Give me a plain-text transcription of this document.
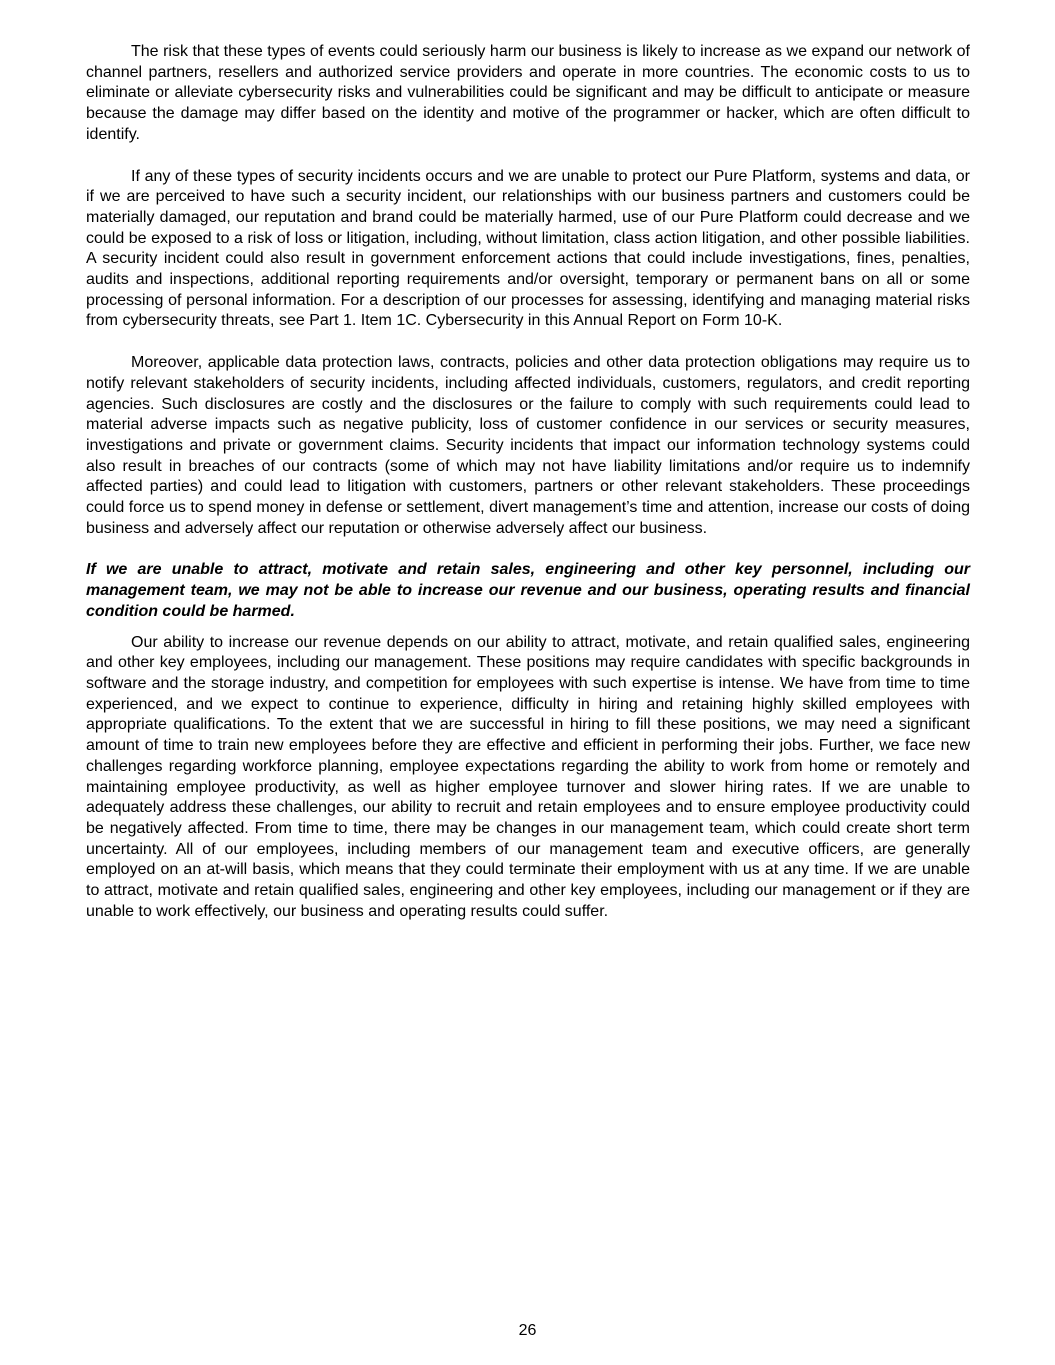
The risk that these types of events could seriously harm our business is likely to increase as we expand our network of channel partners, resellers and authorized service providers and operate in more countries. The economic costs to us to eliminate or alleviate cybersecurity risks and vulnerabilities could be significant and may be difficult to anticipate or measure because the damage may differ based on the identity and motive of the programmer or hacker, which are often difficult to identify.

If any of these types of security incidents occurs and we are unable to protect our Pure Platform, systems and data, or if we are perceived to have such a security incident, our relationships with our business partners and customers could be materially damaged, our reputation and brand could be materially harmed, use of our Pure Platform could decrease and we could be exposed to a risk of loss or litigation, including, without limitation, class action litigation, and other possible liabilities. A security incident could also result in government enforcement actions that could include investigations, fines, penalties, audits and inspections, additional reporting requirements and/or oversight, temporary or permanent bans on all or some processing of personal information. For a description of our processes for assessing, identifying and managing material risks from cybersecurity threats, see Part 1. Item 1C. Cybersecurity in this Annual Report on Form 10-K.

Moreover, applicable data protection laws, contracts, policies and other data protection obligations may require us to notify relevant stakeholders of security incidents, including affected individuals, customers, regulators, and credit reporting agencies. Such disclosures are costly and the disclosures or the failure to comply with such requirements could lead to material adverse impacts such as negative publicity, loss of customer confidence in our services or security measures, investigations and private or government claims. Security incidents that impact our information technology systems could also result in breaches of our contracts (some of which may not have liability limitations and/or require us to indemnify affected parties) and could lead to litigation with customers, partners or other relevant stakeholders. These proceedings could force us to spend money in defense or settlement, divert management’s time and attention, increase our costs of doing business and adversely affect our reputation or otherwise adversely affect our business.

If we are unable to attract, motivate and retain sales, engineering and other key personnel, including our management team, we may not be able to increase our revenue and our business, operating results and financial condition could be harmed.

Our ability to increase our revenue depends on our ability to attract, motivate, and retain qualified sales, engineering and other key employees, including our management. These positions may require candidates with specific backgrounds in software and the storage industry, and competition for employees with such expertise is intense. We have from time to time experienced, and we expect to continue to experience, difficulty in hiring and retaining highly skilled employees with appropriate qualifications. To the extent that we are successful in hiring to fill these positions, we may need a significant amount of time to train new employees before they are effective and efficient in performing their jobs. Further, we face new challenges regarding workforce planning, employee expectations regarding the ability to work from home or remotely and maintaining employee productivity, as well as higher employee turnover and slower hiring rates. If we are unable to adequately address these challenges, our ability to recruit and retain employees and to ensure employee productivity could be negatively affected. From time to time, there may be changes in our management team, which could create short term uncertainty. All of our employees, including members of our management team and executive officers, are generally employed on an at-will basis, which means that they could terminate their employment with us at any time. If we are unable to attract, motivate and retain qualified sales, engineering and other key employees, including our management or if they are unable to work effectively, our business and operating results could suffer.

26
